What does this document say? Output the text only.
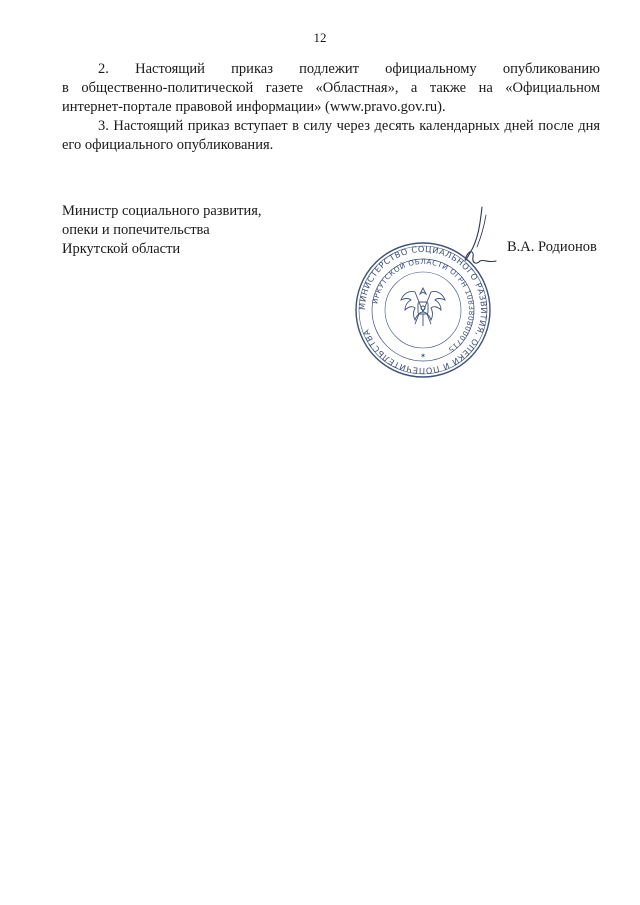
12

2. Настоящий приказ подлежит официальному опубликованию
в общественно-политической газете «Областная», а также на «Официальном интернет-портале правовой информации» (www.pravo.gov.ru).

3. Настоящий приказ вступает в силу через десять календарных дней после дня его официального опубликования.

Министр социального развития,
опеки и попечительства
Иркутской области	В.А. Родионов
МИНИСТЕРСТВО СОЦИАЛЬНОГО РАЗВИТИЯ, ОПЕКИ И ПОПЕЧИТЕЛЬСТВА
ИРКУТСКОЙ ОБЛАСТИ ОГРН 1083808000715
✶
